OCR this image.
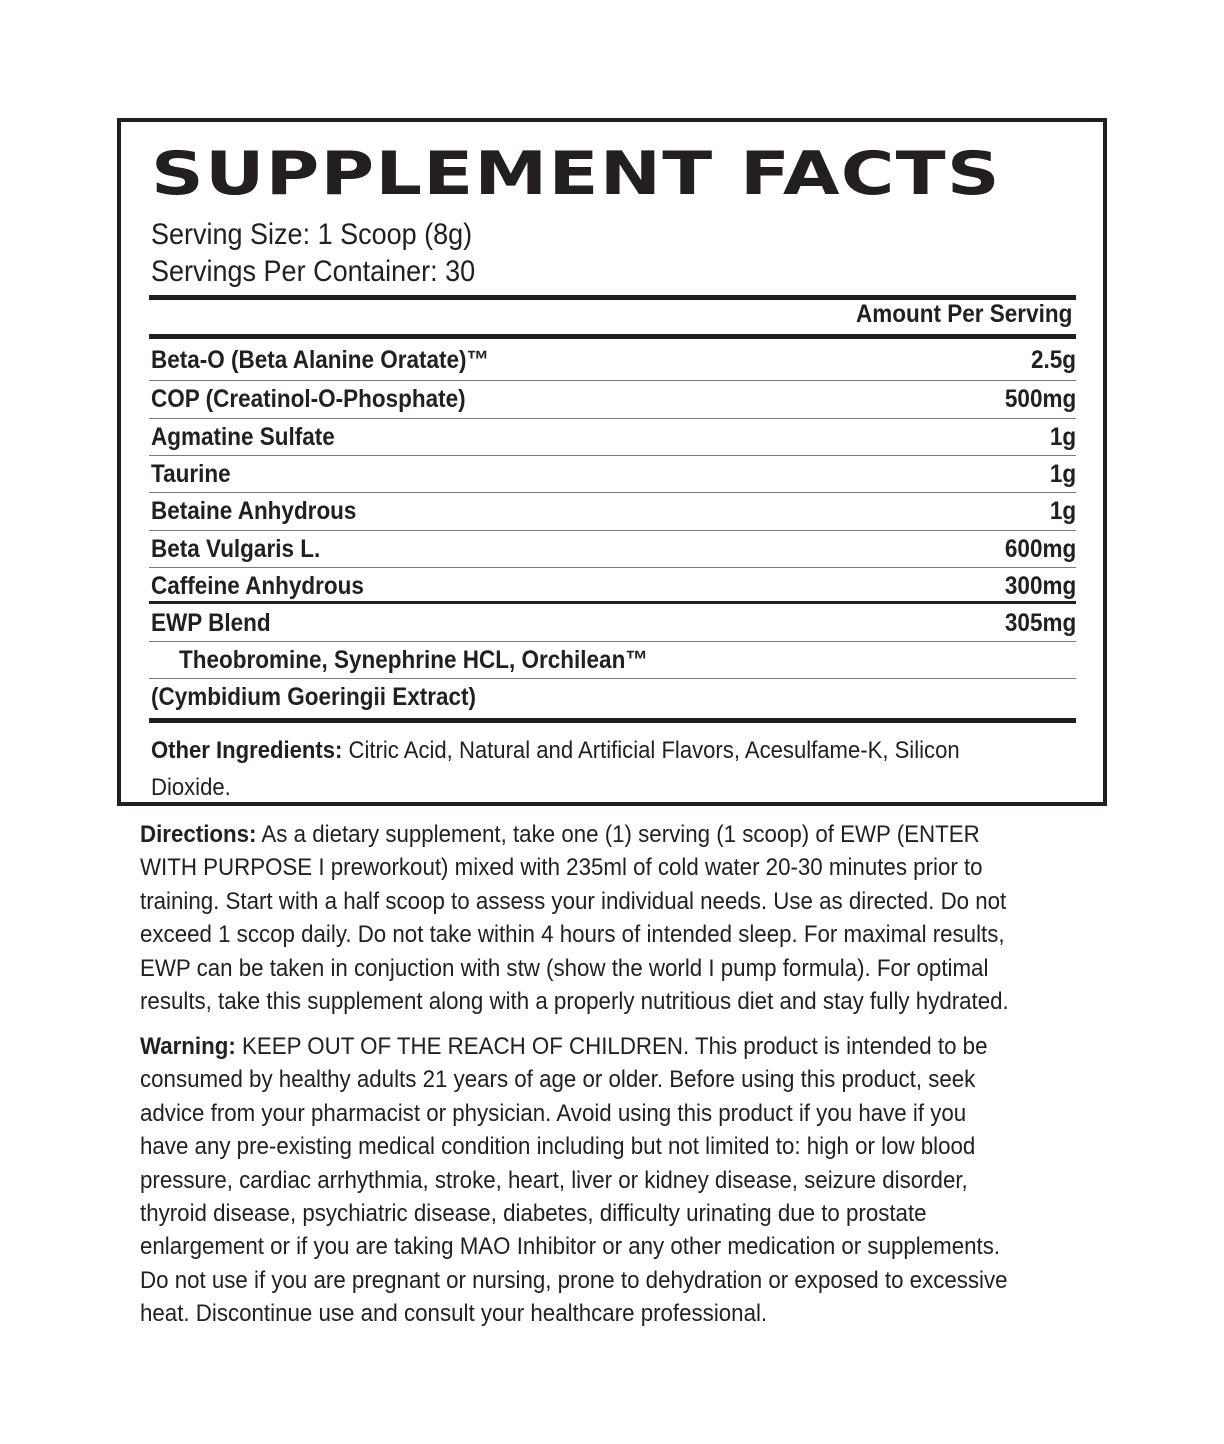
SUPPLEMENT FACTS
Serving Size: 1 Scoop (8g)
Servings Per Container: 30
Amount Per Serving
Beta-O (Beta Alanine Oratate)™	2.5g
COP (Creatinol-O-Phosphate)	500mg
Agmatine Sulfate	1g
Taurine	1g
Betaine Anhydrous	1g
Beta Vulgaris L.	600mg
Caffeine Anhydrous	300mg
EWP Blend	305mg
Theobromine, Synephrine HCL, Orchilean™
(Cymbidium Goeringii Extract)
Other Ingredients: Citric Acid, Natural and Artificial Flavors, Acesulfame-K, Silicon Dioxide.
Directions: As a dietary supplement, take one (1) serving (1 scoop) of EWP (ENTER WITH PURPOSE I preworkout) mixed with 235ml of cold water 20-30 minutes prior to training. Start with a half scoop to assess your individual needs. Use as directed. Do not exceed 1 sccop daily. Do not take within 4 hours of intended sleep. For maximal results, EWP can be taken in conjuction with stw (show the world I pump formula). For optimal results, take this supplement along with a properly nutritious diet and stay fully hydrated.
Warning: KEEP OUT OF THE REACH OF CHILDREN. This product is intended to be consumed by healthy adults 21 years of age or older. Before using this product, seek advice from your pharmacist or physician. Avoid using this product if you have if you have any pre-existing medical condition including but not limited to: high or low blood pressure, cardiac arrhythmia, stroke, heart, liver or kidney disease, seizure disorder, thyroid disease, psychiatric disease, diabetes, difficulty urinating due to prostate enlargement or if you are taking MAO Inhibitor or any other medication or supplements. Do not use if you are pregnant or nursing, prone to dehydration or exposed to excessive heat. Discontinue use and consult your healthcare professional.
